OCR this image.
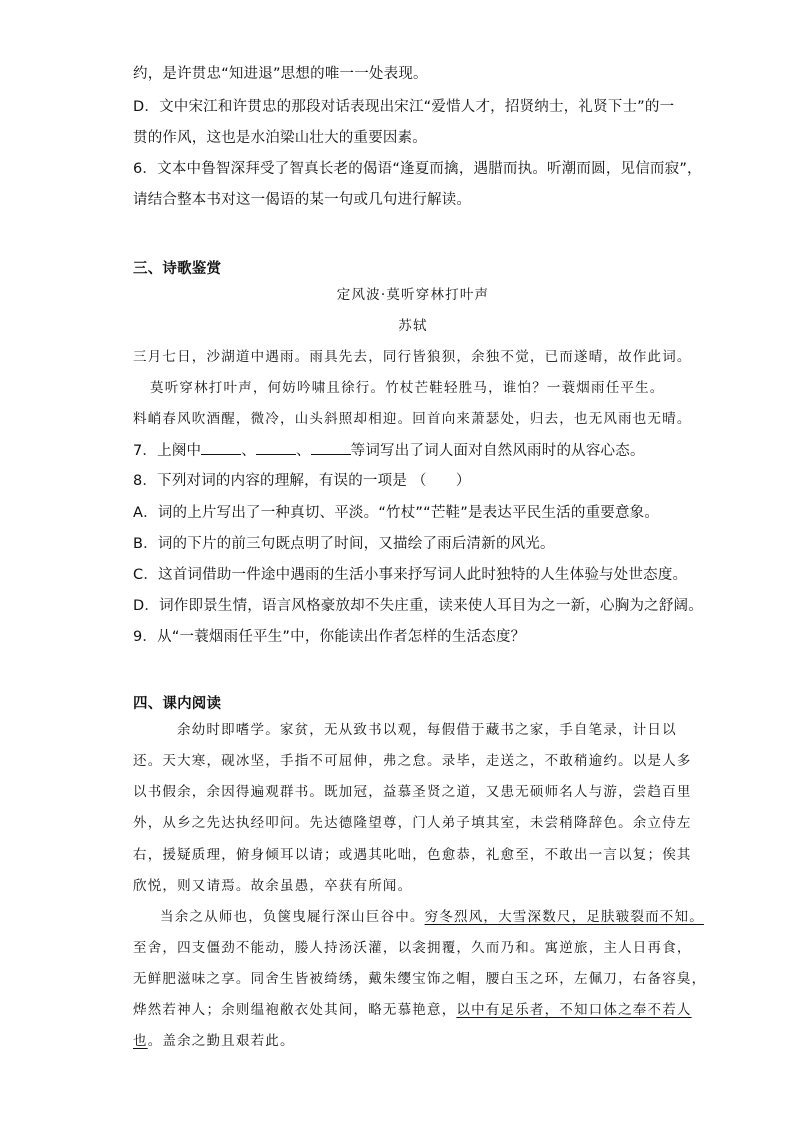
约，是许贯忠“知进退”思想的唯一一处表现。
D．文中宋江和许贯忠的那段对话表现出宋江“爱惜人才，招贤纳士，礼贤下士”的一
贯的作风，这也是水泊梁山壮大的重要因素。
6．文本中鲁智深拜受了智真长老的偈语“逢夏而擒，遇腊而执。听潮而圆，见信而寂”，
请结合整本书对这一偈语的某一句或几句进行解读。
三、诗歌鉴赏
定风波·莫听穿林打叶声
苏轼
三月七日，沙湖道中遇雨。雨具先去，同行皆狼狈，余独不觉，已而遂晴，故作此词。
莫听穿林打叶声，何妨吟啸且徐行。竹杖芒鞋轻胜马，谁怕？一蓑烟雨任平生。
料峭春风吹酒醒，微冷，山头斜照却相迎。回首向来萧瑟处，归去，也无风雨也无晴。
7．上阕中	、	、	等词写出了词人面对自然风雨时的从容心态。
8．下列对词的内容的理解，有误的一项是 （　　）
A．词的上片写出了一种真切、平淡。“竹杖”“芒鞋”是表达平民生活的重要意象。
B．词的下片的前三句既点明了时间，又描绘了雨后清新的风光。
C．这首词借助一件途中遇雨的生活小事来抒写词人此时独特的人生体验与处世态度。
D．词作即景生情，语言风格豪放却不失庄重，读来使人耳目为之一新，心胸为之舒阔。
9．从“一蓑烟雨任平生”中，你能读出作者怎样的生活态度？
四、课内阅读
余幼时即嗜学。家贫，无从致书以观，每假借于藏书之家，手自笔录，计日以
还。天大寒，砚冰坚，手指不可屈伸，弗之怠。录毕，走送之，不敢稍逾约。以是人多
以书假余，余因得遍观群书。既加冠，益慕圣贤之道，又患无硕师名人与游，尝趋百里
外，从乡之先达执经叩问。先达德隆望尊，门人弟子填其室，未尝稍降辞色。余立侍左
右，援疑质理，俯身倾耳以请；或遇其叱咄，色愈恭，礼愈至，不敢出一言以复；俟其
欣悦，则又请焉。故余虽愚，卒获有所闻。
当余之从师也，负箧曳屣行深山巨谷中。穷冬烈风，大雪深数尺，足肤皲裂而不知。
至舍，四支僵劲不能动，媵人持汤沃灌，以衾拥覆，久而乃和。寓逆旅，主人日再食，
无鲜肥滋味之享。同舍生皆被绮绣，戴朱缨宝饰之帽，腰白玉之环，左佩刀，右备容臭，
烨然若神人；余则缊袍敝衣处其间，略无慕艳意，以中有足乐者，不知口体之奉不若人
也。盖余之勤且艰若此。
